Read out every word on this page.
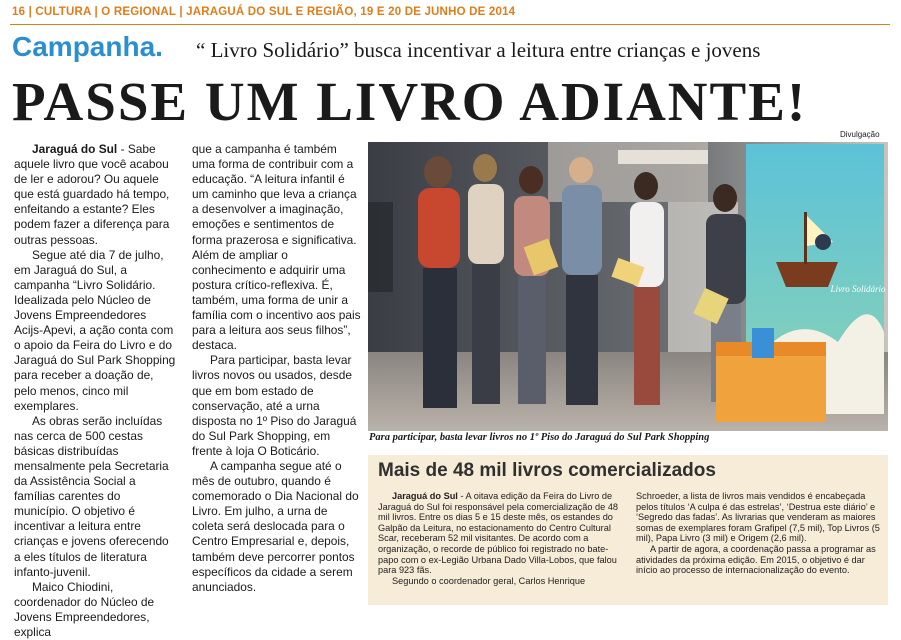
16 | CULTURA | O REGIONAL | JARAGUÁ DO SUL E REGIÃO, 19 E 20 DE JUNHO DE 2014
Campanha. “ Livro Solidário” busca incentivar a leitura entre crianças e jovens
PASSE UM LIVRO ADIANTE!

Jaraguá do Sul - Sabe aquele livro que você acabou de ler e adorou? Ou aquele que está guardado há tempo, enfeitando a estante? Eles podem fazer a diferença para outras pessoas.

Segue até dia 7 de julho, em Jaraguá do Sul, a campanha “Livro Solidário. Idealizada pelo Núcleo de Jovens Empreendedores Acijs-Apevi, a ação conta com o apoio da Feira do Livro e do Jaraguá do Sul Park Shopping para receber a doação de, pelo menos, cinco mil exemplares.

As obras serão incluídas nas cerca de 500 cestas básicas distribuídas mensalmente pela Secretaria da Assistência Social a famílias carentes do município. O objetivo é incentivar a leitura entre crianças e jovens oferecendo a eles títulos de literatura infanto-juvenil.

Maico Chiodini, coordenador do Núcleo de Jovens Empreendedores, explica

que a campanha é também uma forma de contribuir com a educação. “A leitura infantil é um caminho que leva a criança a desenvolver a imaginação, emoções e sentimentos de forma prazerosa e significativa. Além de ampliar o conhecimento e adquirir uma postura crítico-reflexiva. É, também, uma forma de unir a família com o incentivo aos pais para a leitura aos seus filhos”, destaca.

Para participar, basta levar livros novos ou usados, desde que em bom estado de conservação, até a urna disposta no 1º Piso do Jaraguá do Sul Park Shopping, em frente à loja O Boticário.

A campanha segue até o mês de outubro, quando é comemorado o Dia Nacional do Livro. Em julho, a urna de coleta será deslocada para o Centro Empresarial e, depois, também deve percorrer pontos específicos da cidade a serem anunciados.

Divulgação
Livro Solidário
Para participar, basta levar livros no 1º Piso do Jaraguá do Sul Park Shopping
Mais de 48 mil livros comercializados

Jaraguá do Sul - A oitava edição da Feira do Livro de Jaraguá do Sul foi responsável pela comercialização de 48 mil livros. Entre os dias 5 e 15 deste mês, os estandes do Galpão da Leitura, no estacionamento do Centro Cultural Scar, receberam 52 mil visitantes. De acordo com a organização, o recorde de público foi registrado no bate-papo com o ex-Legião Urbana Dado Villa-Lobos, que falou para 923 fãs.

Segundo o coordenador geral, Carlos Henrique

Schroeder, a lista de livros mais vendidos é encabeçada pelos títulos ‘A culpa é das estrelas’, ‘Destrua este diário’ e ‘Segredo das fadas’. As livrarias que venderam as maiores somas de exemplares foram Grafipel (7,5 mil), Top Livros (5 mil), Papa Livro (3 mil) e Origem (2,6 mil).

A partir de agora, a coordenação passa a programar as atividades da próxima edição. Em 2015, o objetivo é dar início ao processo de internacionalização do evento.
